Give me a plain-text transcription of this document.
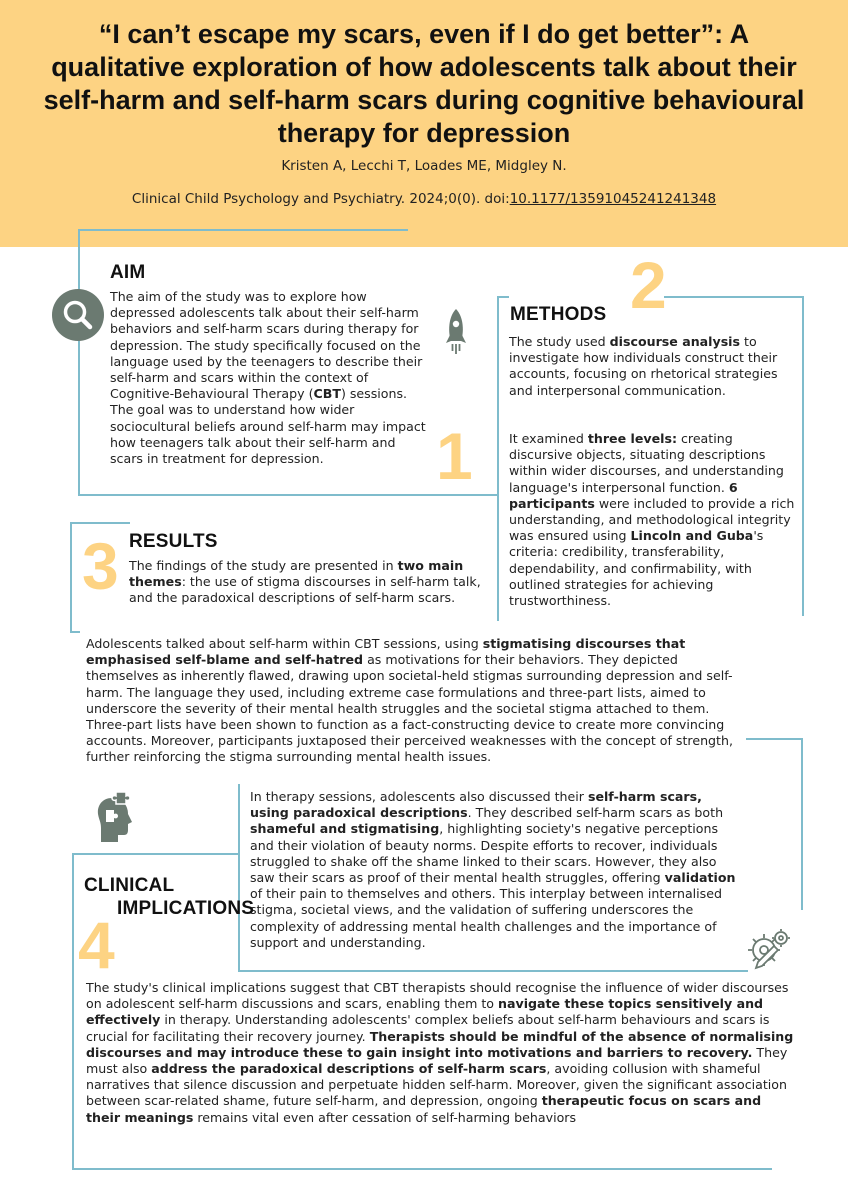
“I can’t escape my scars, even if I do get better”: A qualitative exploration of how adolescents talk about their self-harm and self-harm scars during cognitive behavioural therapy for depression
Kristen A, Lecchi T, Loades ME, Midgley N.
Clinical Child Psychology and Psychiatry. 2024;0(0). doi:10.1177/13591045241241348
AIM

The aim of the study was to explore how depressed adolescents talk about their self-harm behaviors and self-harm scars during therapy for depression. The study specifically focused on the language used by the teenagers to describe their self-harm and scars within the context of Cognitive-Behavioural Therapy (CBT) sessions. The goal was to understand how wider sociocultural beliefs around self-harm may impact how teenagers talk about their self-harm and scars in treatment for depression.	1
2
METHODS

The study used discourse analysis to investigate how individuals construct their accounts, focusing on rhetorical strategies and interpersonal communication.

It examined three levels: creating discursive objects, situating descriptions within wider discourses, and understanding language's interpersonal function. 6 participants were included to provide a rich understanding, and methodological integrity was ensured using Lincoln and Guba's criteria: credibility, transferability, dependability, and confirmability, with outlined strategies for achieving trustworthiness.

3 RESULTS

The findings of the study are presented in two main themes: the use of stigma discourses in self-harm talk, and the paradoxical descriptions of self-harm scars.

Adolescents talked about self-harm within CBT sessions, using stigmatising discourses that emphasised self-blame and self-hatred as motivations for their behaviors. They depicted themselves as inherently flawed, drawing upon societal-held stigmas surrounding depression and self-harm. The language they used, including extreme case formulations and three-part lists, aimed to underscore the severity of their mental health struggles and the societal stigma attached to them. Three-part lists have been shown to function as a fact-constructing device to create more convincing accounts. Moreover, participants juxtaposed their perceived weaknesses with the concept of strength, further reinforcing the stigma surrounding mental health issues.

In therapy sessions, adolescents also discussed their self-harm scars, using paradoxical descriptions. They described self-harm scars as both shameful and stigmatising, highlighting society's negative perceptions and their violation of beauty norms. Despite efforts to recover, individuals struggled to shake off the shame linked to their scars. However, they also saw their scars as proof of their mental health struggles, offering validation of their pain to themselves and others. This interplay between internalised stigma, societal views, and the validation of suffering underscores the complexity of addressing mental health challenges and the importance of support and understanding.

CLINICAL
IMPLICATIONS
4

The study's clinical implications suggest that CBT therapists should recognise the influence of wider discourses on adolescent self-harm discussions and scars, enabling them to navigate these topics sensitively and effectively in therapy. Understanding adolescents' complex beliefs about self-harm behaviours and scars is crucial for facilitating their recovery journey. Therapists should be mindful of the absence of normalising discourses and may introduce these to gain insight into motivations and barriers to recovery. They must also address the paradoxical descriptions of self-harm scars, avoiding collusion with shameful narratives that silence discussion and perpetuate hidden self-harm. Moreover, given the significant association between scar-related shame, future self-harm, and depression, ongoing therapeutic focus on scars and their meanings remains vital even after cessation of self-harming behaviors
